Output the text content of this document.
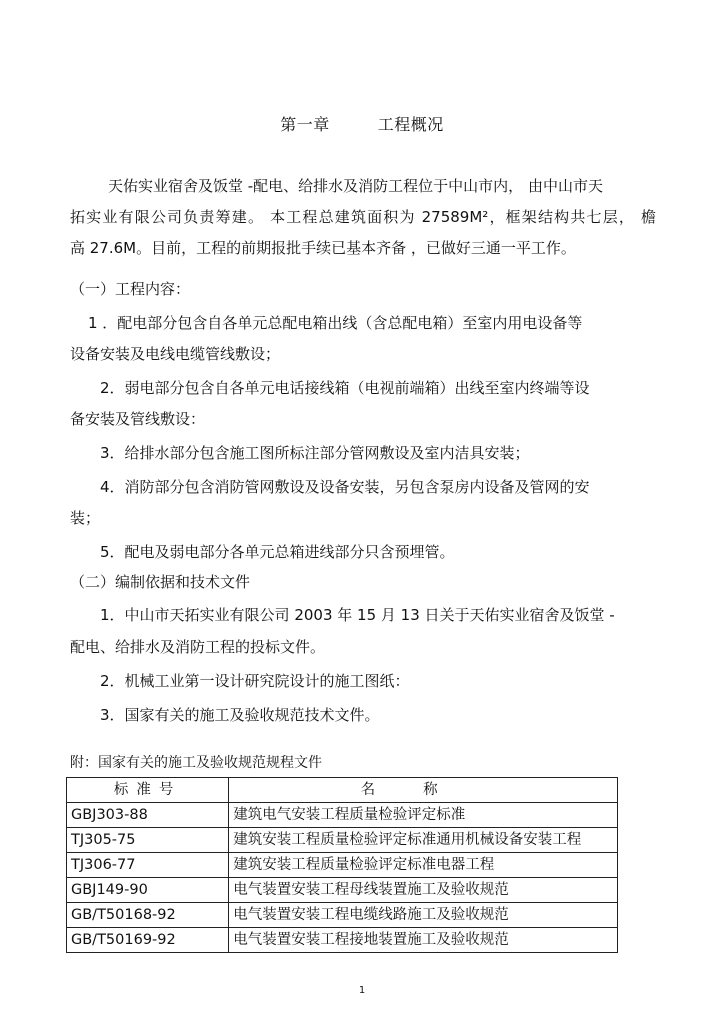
第一章	工程概况
天佑实业宿舍及饭堂 -配电、给排水及消防工程位于中山市内， 由中山市天
拓实业有限公司负责筹建。 本工程总建筑面积为 27589M²，框架结构共七层， 檐
高 27.6M。目前，工程的前期报批手续已基本齐备 ，已做好三通一平工作。
（一）工程内容：
1 ．配电部分包含自各单元总配电箱出线（含总配电箱）至室内用电设备等
设备安装及电线电缆管线敷设；
2．弱电部分包含自各单元电话接线箱（电视前端箱）出线至室内终端等设
备安装及管线敷设：
3．给排水部分包含施工图所标注部分管网敷设及室内洁具安装；
4．消防部分包含消防管网敷设及设备安装，另包含泵房内设备及管网的安
装；
5．配电及弱电部分各单元总箱进线部分只含预埋管。
（二）编制依据和技术文件
1．中山市天拓实业有限公司 2003 年 15 月 13 日关于天佑实业宿舍及饭堂 -
配电、给排水及消防工程的投标文件。
2．机械工业第一设计研究院设计的施工图纸：
3．国家有关的施工及验收规范技术文件。
附：国家有关的施工及验收规范规程文件
标准号	名称
GBJ303-88	建筑电气安装工程质量检验评定标准
TJ305-75	建筑安装工程质量检验评定标准通用机械设备安装工程
TJ306-77	建筑安装工程质量检验评定标准电器工程
GBJ149-90	电气装置安装工程母线装置施工及验收规范
GB/T50168-92	电气装置安装工程电缆线路施工及验收规范
GB/T50169-92	电气装置安装工程接地装置施工及验收规范
1
